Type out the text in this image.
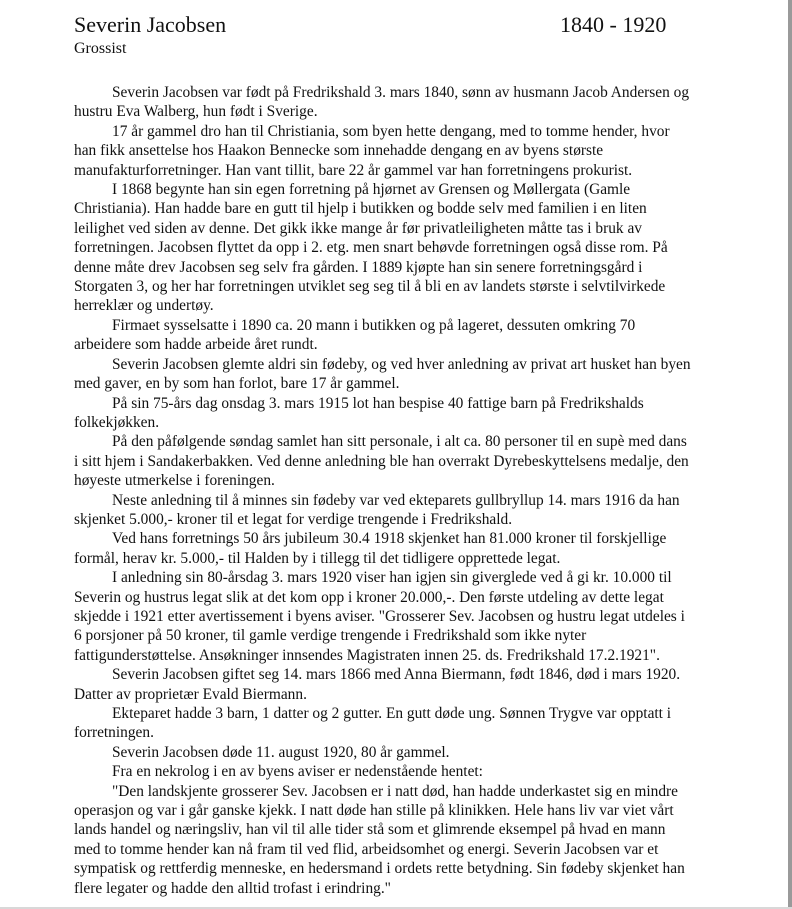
Severin Jacobsen	1840 - 1920
Grossist
Severin Jacobsen var født på Fredrikshald 3. mars 1840, sønn av husmann Jacob Andersen og
hustru Eva Walberg, hun født i Sverige.
17 år gammel dro han til Christiania, som byen hette dengang, med to tomme hender, hvor
han fikk ansettelse hos Haakon Bennecke som innehadde dengang en av byens største
manufakturforretninger. Han vant tillit, bare 22 år gammel var han forretningens prokurist.
I 1868 begynte han sin egen forretning på hjørnet av Grensen og Møllergata (Gamle
Christiania). Han hadde bare en gutt til hjelp i butikken og bodde selv med familien i en liten
leilighet ved siden av denne. Det gikk ikke mange år før privatleiligheten måtte tas i bruk av
forretningen. Jacobsen flyttet da opp i 2. etg. men snart behøvde forretningen også disse rom. På
denne måte drev Jacobsen seg selv fra gården. I 1889 kjøpte han sin senere forretningsgård i
Storgaten 3, og her har forretningen utviklet seg seg til å bli en av landets største i selvtilvirkede
herreklær og undertøy.
Firmaet sysselsatte i 1890 ca. 20 mann i butikken og på lageret, dessuten omkring 70
arbeidere som hadde arbeide året rundt.
Severin Jacobsen glemte aldri sin fødeby, og ved hver anledning av privat art husket han byen
med gaver, en by som han forlot, bare 17 år gammel.
På sin 75-års dag onsdag 3. mars 1915 lot han bespise 40 fattige barn på Fredrikshalds
folkekjøkken.
På den påfølgende søndag samlet han sitt personale, i alt ca. 80 personer til en supè med dans
i sitt hjem i Sandakerbakken. Ved denne anledning ble han overrakt Dyrebeskyttelsens medalje, den
høyeste utmerkelse i foreningen.
Neste anledning til å minnes sin fødeby var ved ekteparets gullbryllup 14. mars 1916 da han
skjenket 5.000,- kroner til et legat for verdige trengende i Fredrikshald.
Ved hans forretnings 50 års jubileum 30.4 1918 skjenket han 81.000 kroner til forskjellige
formål, herav kr. 5.000,- til Halden by i tillegg til det tidligere opprettede legat.
I anledning sin 80-årsdag 3. mars 1920 viser han igjen sin giverglede ved å gi kr. 10.000 til
Severin og hustrus legat slik at det kom opp i kroner 20.000,-. Den første utdeling av dette legat
skjedde i 1921 etter avertissement i byens aviser. "Grosserer Sev. Jacobsen og hustru legat utdeles i
6 porsjoner på 50 kroner, til gamle verdige trengende i Fredrikshald som ikke nyter
fattigunderstøttelse. Ansøkninger innsendes Magistraten innen 25. ds. Fredrikshald 17.2.1921".
Severin Jacobsen giftet seg 14. mars 1866 med Anna Biermann, født 1846, død i mars 1920.
Datter av proprietær Evald Biermann.
Ekteparet hadde 3 barn, 1 datter og 2 gutter. En gutt døde ung. Sønnen Trygve var opptatt i
forretningen.
Severin Jacobsen døde 11. august 1920, 80 år gammel.
Fra en nekrolog i en av byens aviser er nedenstående hentet:
"Den landskjente grosserer Sev. Jacobsen er i natt død, han hadde underkastet sig en mindre
operasjon og var i går ganske kjekk. I natt døde han stille på klinikken. Hele hans liv var viet vårt
lands handel og næringsliv, han vil til alle tider stå som et glimrende eksempel på hvad en mann
med to tomme hender kan nå fram til ved flid, arbeidsomhet og energi. Severin Jacobsen var et
sympatisk og rettferdig menneske, en hedersmand i ordets rette betydning. Sin fødeby skjenket han
flere legater og hadde den alltid trofast i erindring."
